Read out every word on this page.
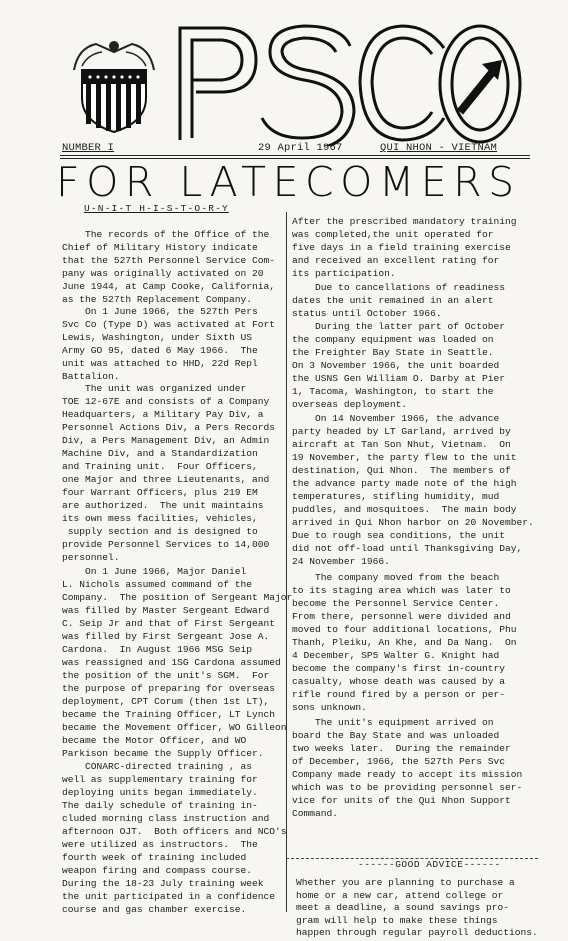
NUMBER I	29 April 1967	QUI NHON - VIETNAM
FOR LATECOMERS
U-N-I-T H-I-S-T-O-R-Y
The records of the Office of the
Chief of Military History indicate
that the 527th Personnel Service Com-
pany was originally activated on 20
June 1944, at Camp Cooke, California,
as the 527th Replacement Company.
On 1 June 1966, the 527th Pers
Svc Co (Type D) was activated at Fort
Lewis, Washington, under Sixth US
Army GO 95, dated 6 May 1966.  The
unit was attached to HHD, 22d Repl
Battalion.
The unit was organized under
TOE 12-67E and consists of a Company
Headquarters, a Military Pay Div, a
Personnel Actions Div, a Pers Records
Div, a Pers Management Div, an Admin
Machine Div, and a Standardization
and Training unit.  Four Officers,
one Major and three Lieutenants, and
four Warrant Officers, plus 219 EM
are authorized.  The unit maintains
its own mess facilities, vehicles,
supply section and is designed to
provide Personnel Services to 14,000
personnel.
On 1 June 1966, Major Daniel
L. Nichols assumed command of the
Company.  The position of Sergeant Major
was filled by Master Sergeant Edward
C. Seip Jr and that of First Sergeant
was filled by First Sergeant Jose A.
Cardona.  In August 1966 MSG Seip
was reassigned and 1SG Cardona assumed
the position of the unit's SGM.  For
the purpose of preparing for overseas
deployment, CPT Corum (then 1st LT),
became the Training Officer, LT Lynch
became the Movement Officer, WO Gilleon
became the Motor Officer, and WO
Parkison became the Supply Officer.
CONARC-directed training , as
well as supplementary training for
deploying units began immediately.
The daily schedule of training in-
cluded morning class instruction and
afternoon OJT.  Both officers and NCO's
were utilized as instructors.  The
fourth week of training included
weapon firing and compass course.
During the 18-23 July training week
the unit participated in a confidence
course and gas chamber exercise.
After the prescribed mandatory training
was completed,the unit operated for
five days in a field training exercise
and received an excellent rating for
its participation.
Due to cancellations of readiness
dates the unit remained in an alert
status until October 1966.
During the latter part of October
the company equipment was loaded on
the Freighter Bay State in Seattle.
On 3 November 1966, the unit boarded
the USNS Gen William O. Darby at Pier
1, Tacoma, Washington, to start the
overseas deployment.
On 14 November 1966, the advance
party headed by LT Garland, arrived by
aircraft at Tan Son Nhut, Vietnam.  On
19 November, the party flew to the unit
destination, Qui Nhon.  The members of
the advance party made note of the high
temperatures, stifling humidity, mud
puddles, and mosquitoes.  The main body
arrived in Qui Nhon harbor on 20 November.
Due to rough sea conditions, the unit
did not off-load until Thanksgiving Day,
24 November 1966.
The company moved from the beach
to its staging area which was later to
become the Personnel Service Center.
From there, personnel were divided and
moved to four additional locations, Phu
Thanh, Pleiku, An Khe, and Da Nang.  On
4 December, SP5 Walter G. Knight had
become the company's first in-country
casualty, whose death was caused by a
rifle round fired by a person or per-
sons unknown.
The unit's equipment arrived on
board the Bay State and was unloaded
two weeks later.  During the remainder
of December, 1966, the 527th Pers Svc
Company made ready to accept its mission
which was to be providing personnel ser-
vice for units of the Qui Nhon Support
Command.
------GOOD ADVICE------
Whether you are planning to purchase a
home or a new car, attend college or
meet a deadline, a sound savings pro-
gram will help to make these things
happen through regular payroll deductions.
